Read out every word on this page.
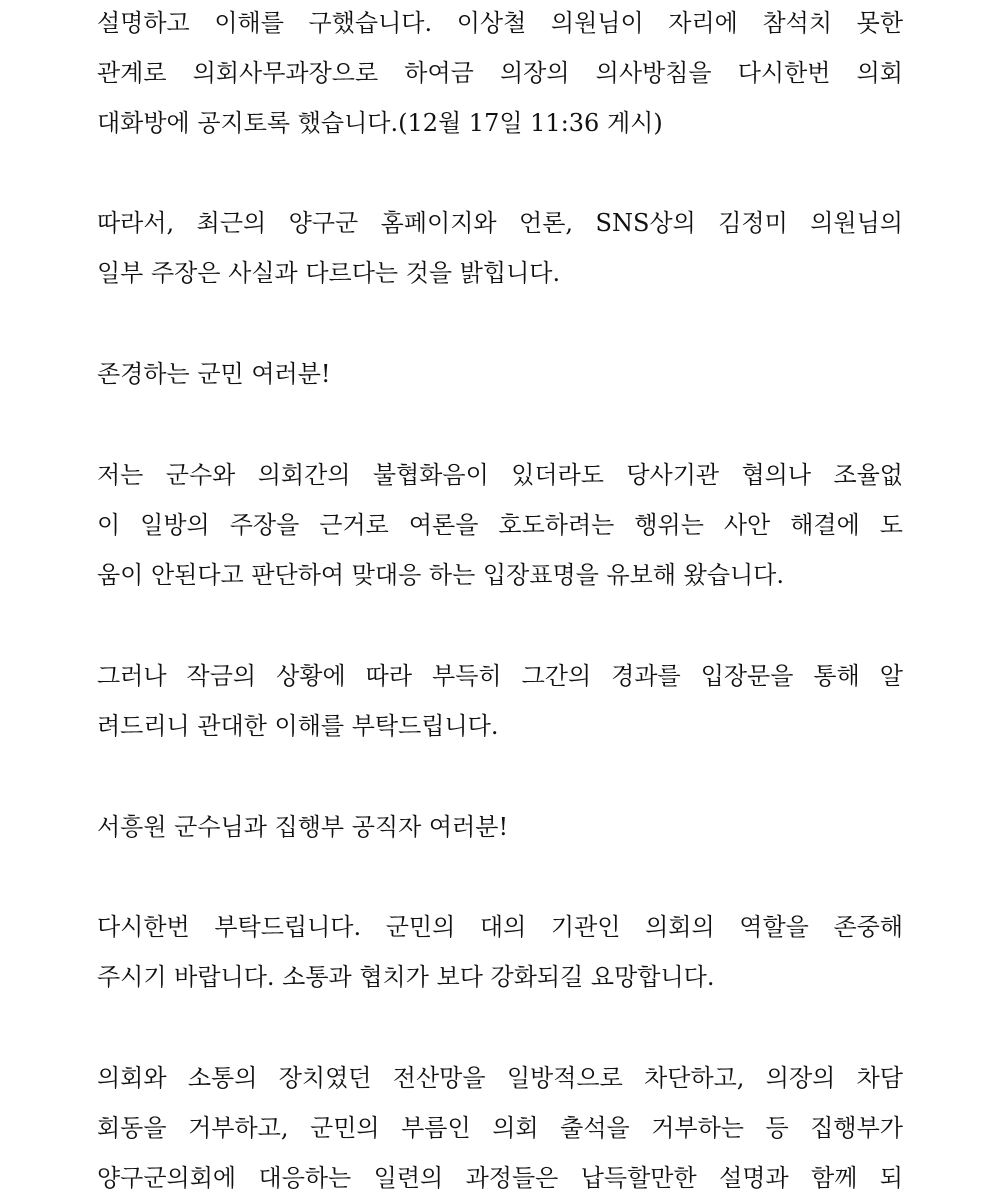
설명하고 이해를 구했습니다. 이상철 의원님이 자리에 참석치 못한
관계로 의회사무과장으로 하여금 의장의 의사방침을 다시한번 의회
대화방에 공지토록 했습니다.(12월 17일 11:36 게시)
따라서, 최근의 양구군 홈페이지와 언론, SNS상의 김정미 의원님의
일부 주장은 사실과 다르다는 것을 밝힙니다.
존경하는 군민 여러분!
저는 군수와 의회간의 불협화음이 있더라도 당사기관 협의나 조율없
이 일방의 주장을 근거로 여론을 호도하려는 행위는 사안 해결에 도
움이 안된다고 판단하여 맞대응 하는 입장표명을 유보해 왔습니다.
그러나 작금의 상황에 따라 부득히 그간의 경과를 입장문을 통해 알
려드리니 관대한 이해를 부탁드립니다.
서흥원 군수님과 집행부 공직자 여러분!
다시한번 부탁드립니다. 군민의 대의 기관인 의회의 역할을 존중해
주시기 바랍니다. 소통과 협치가 보다 강화되길 요망합니다.
의회와 소통의 장치였던 전산망을 일방적으로 차단하고, 의장의 차담
회동을 거부하고, 군민의 부름인 의회 출석을 거부하는 등 집행부가
양구군의회에 대응하는 일련의 과정들은 납득할만한 설명과 함께 되
